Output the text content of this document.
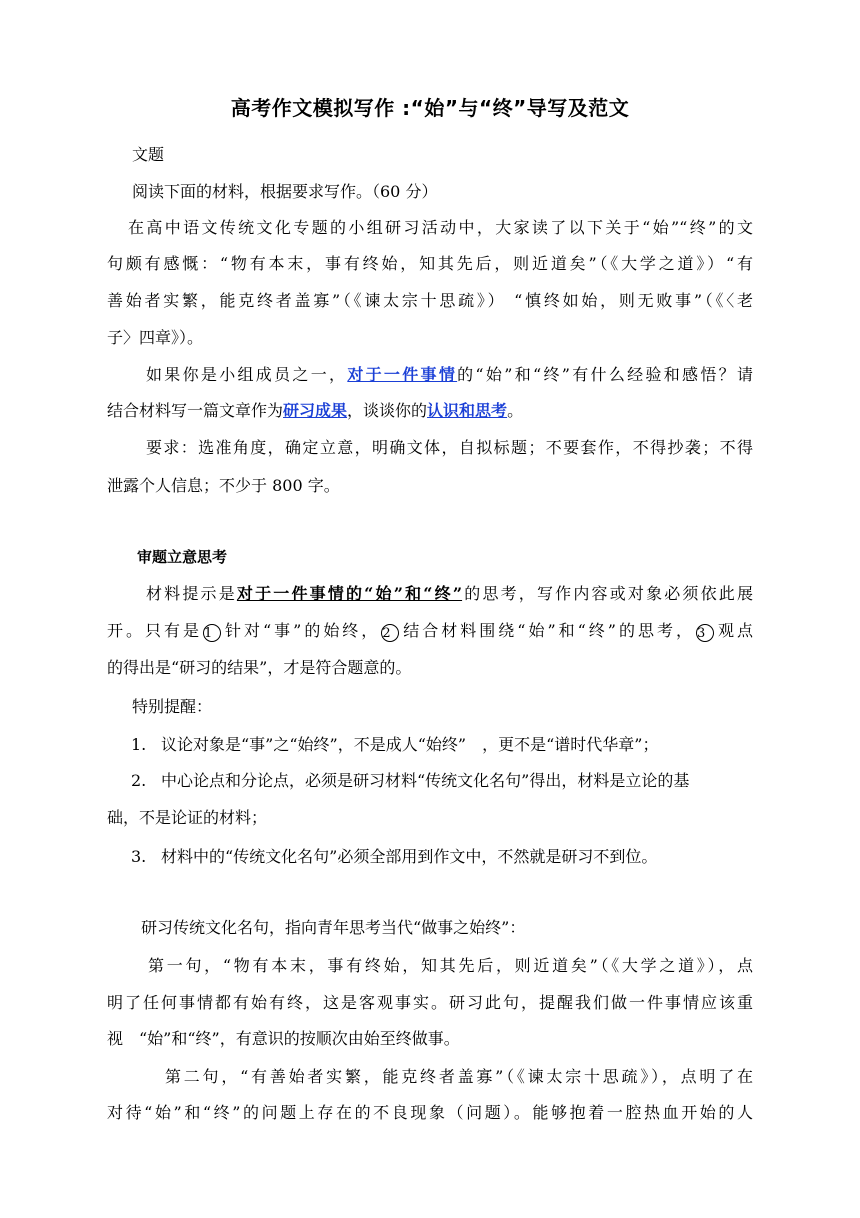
高考作文模拟写作 :“始”与“终”导写及范文
文题
阅读下面的材料，根据要求写作。（60 分）
在高中语文传统文化专题的小组研习活动中，大家读了以下关于“始”“终”的文
句颇有感慨：“物有本末，事有终始，知其先后，则近道矣”（《大学之道》）“有
善始者实繁，能克终者盖寡”（《谏太宗十思疏》） “慎终如始，则无败事”（《〈老
子〉四章》）。
如果你是小组成员之一，对于一件事情的“始”和“终”有什么经验和感悟？请
结合材料写一篇文章作为研习成果，谈谈你的认识和思考。
要求：选准角度，确定立意，明确文体，自拟标题；不要套作，不得抄袭；不得
泄露个人信息；不少于 800 字。
审题立意思考
材料提示是对于一件事情的“始”和“终”的思考，写作内容或对象必须依此展
开。只有是 1 针对“事”的始终， 2 结合材料围绕“始”和“终”的思考， 3 观点
的得出是“研习的结果”，才是符合题意的。
特别提醒：
1. 议论对象是“事”之“始终”，不是成人“始终”　，更不是“谱时代华章”；
2. 中心论点和分论点，必须是研习材料“传统文化名句”得出，材料是立论的基
础，不是论证的材料；
3. 材料中的“传统文化名句”必须全部用到作文中，不然就是研习不到位。
研习传统文化名句，指向青年思考当代“做事之始终”：
第一句，“物有本末，事有终始，知其先后，则近道矣”（《大学之道》），点
明了任何事情都有始有终，这是客观事实。研习此句，提醒我们做一件事情应该重
视　“始”和“终”，有意识的按顺次由始至终做事。
第二句，“有善始者实繁，能克终者盖寡”（《谏太宗十思疏》），点明了在
对待“始”和“终”的问题上存在的不良现象（问题）。能够抱着一腔热血开始的人
